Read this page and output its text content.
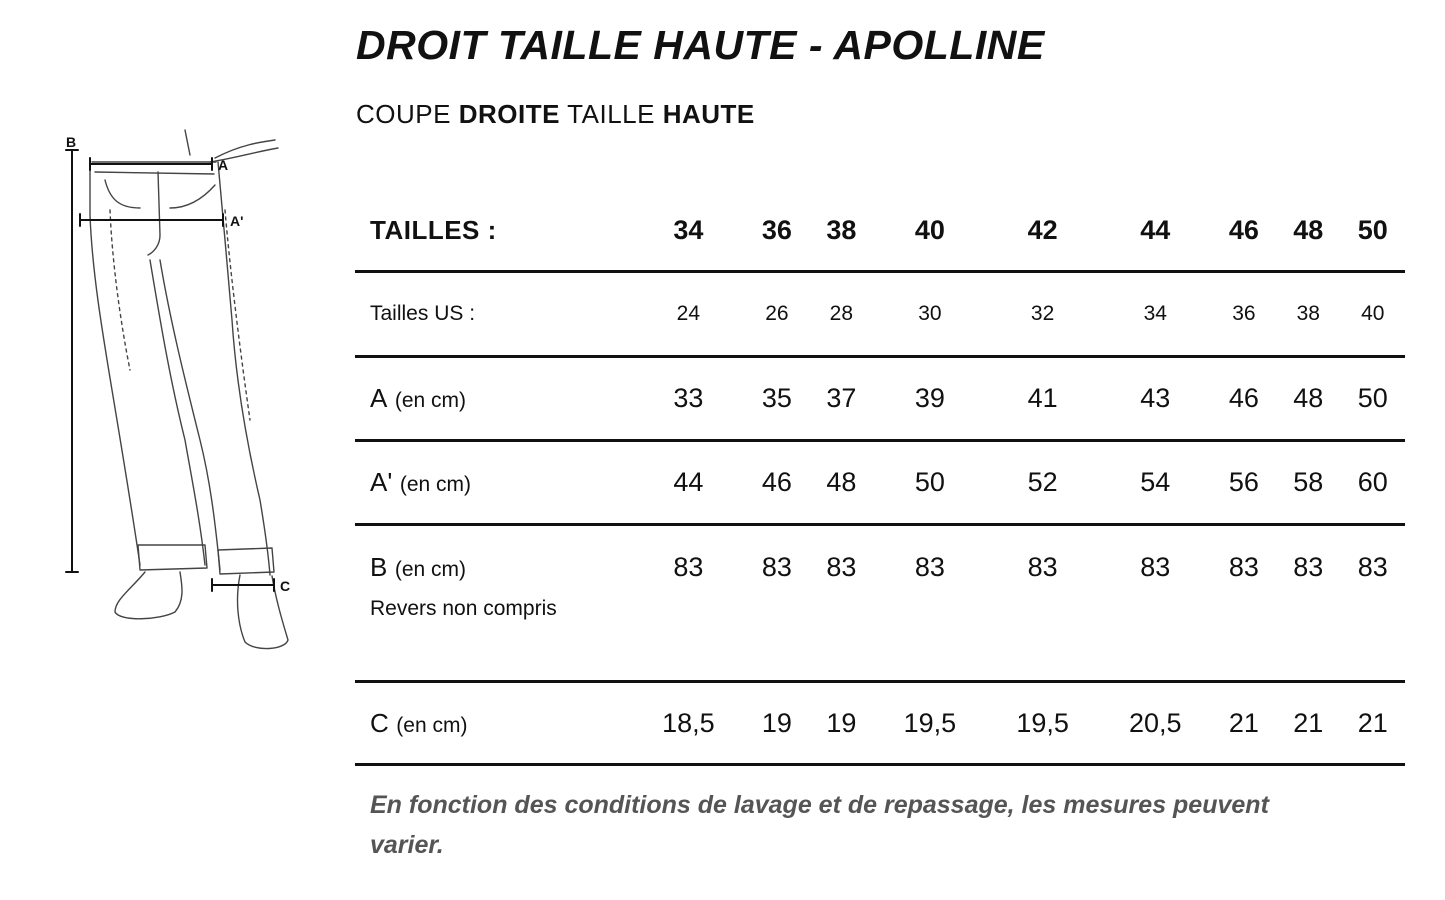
DROIT TAILLE HAUTE - APOLLINE
COUPE DROITE TAILLE HAUTE
B
A
A'
C
TAILLES :	34	36	38	40	42	44	46	48	50

Tailles US :	24	26	28	30	32	34	36	38	40

A (en cm)	33	35	37	39	41	43	46	48	50

A' (en cm)	44	46	48	50	52	54	56	58	60

B (en cm)
Revers non compris	83	83	83	83	83	83	83	83	83

C (en cm)	18,5	19	19	19,5	19,5	20,5	21	21	21

En fonction des conditions de lavage et de repassage, les mesures peuvent varier.
